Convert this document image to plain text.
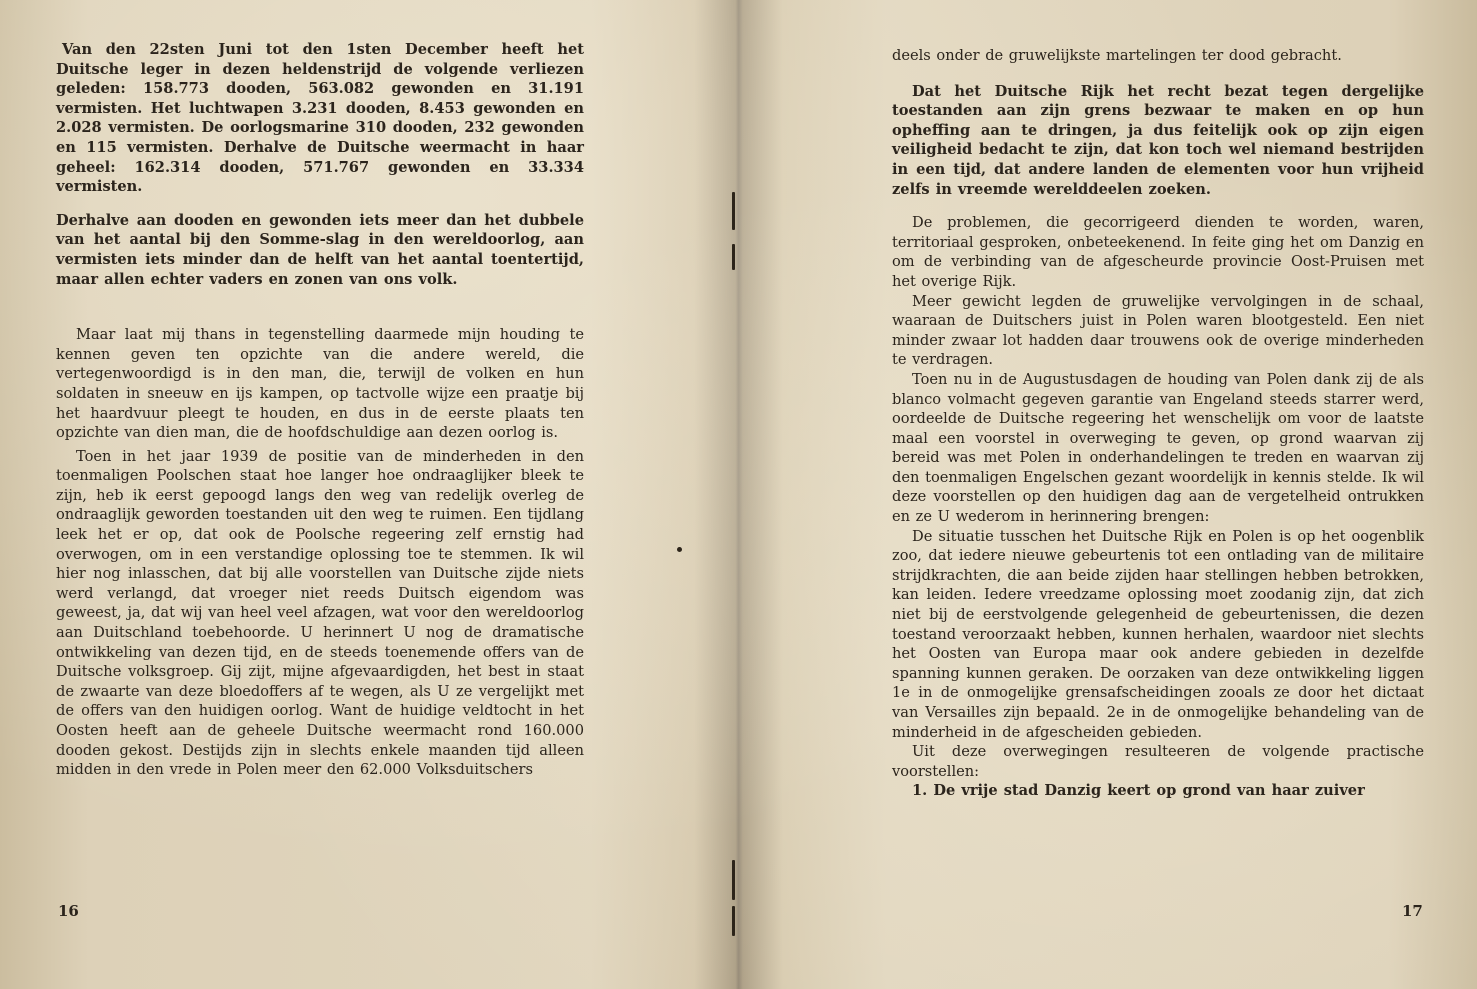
Van den 22sten Juni tot den 1sten December heeft het Duitsche leger in dezen heldenstrijd de volgende verliezen geleden: 158.773 dooden, 563.082 gewonden en 31.191 vermisten. Het luchtwapen 3.231 dooden, 8.453 gewonden en 2.028 vermisten. De oorlogsmarine 310 dooden, 232 gewonden en 115 vermisten. Derhalve de Duitsche weermacht in haar geheel: 162.314 dooden, 571.767 gewonden en 33.334 vermisten.

Derhalve aan dooden en gewonden iets meer dan het dubbele van het aantal bij den Somme-slag in den wereldoorlog, aan vermisten iets minder dan de helft van het aantal toentertijd, maar allen echter vaders en zonen van ons volk.

Maar laat mij thans in tegenstelling daarmede mijn houding te kennen geven ten opzichte van die andere wereld, die vertegenwoordigd is in den man, die, terwijl de volken en hun soldaten in sneeuw en ijs kampen, op tactvolle wijze een praatje bij het haardvuur pleegt te houden, en dus in de eerste plaats ten opzichte van dien man, die de hoofdschuldige aan dezen oorlog is.

Toen in het jaar 1939 de positie van de minderheden in den toenmaligen Poolschen staat hoe langer hoe ondraaglijker bleek te zijn, heb ik eerst gepoogd langs den weg van redelijk overleg de ondraaglijk geworden toestanden uit den weg te ruimen. Een tijdlang leek het er op, dat ook de Poolsche regeering zelf ernstig had overwogen, om in een verstandige oplossing toe te stemmen. Ik wil hier nog inlasschen, dat bij alle voorstellen van Duitsche zijde niets werd verlangd, dat vroeger niet reeds Duitsch eigendom was geweest, ja, dat wij van heel veel afzagen, wat voor den wereldoorlog aan Duitschland toebehoorde. U herinnert U nog de dramatische ontwikkeling van dezen tijd, en de steeds toenemende offers van de Duitsche volksgroep. Gij zijt, mijne afgevaardigden, het best in staat de zwaarte van deze bloedoffers af te wegen, als U ze vergelijkt met de offers van den huidigen oorlog. Want de huidige veldtocht in het Oosten heeft aan de geheele Duitsche weermacht rond 160.000 dooden gekost. Destijds zijn in slechts enkele maanden tijd alleen midden in den vrede in Polen meer den 62.000 Volksduitschers

16

deels onder de gruwelijkste martelingen ter dood gebracht.

Dat het Duitsche Rijk het recht bezat tegen dergelijke toestanden aan zijn grens bezwaar te maken en op hun opheffing aan te dringen, ja dus feitelijk ook op zijn eigen veiligheid bedacht te zijn, dat kon toch wel niemand bestrijden in een tijd, dat andere landen de elementen voor hun vrijheid zelfs in vreemde werelddeelen zoeken.

De problemen, die gecorrigeerd dienden te worden, waren, territoriaal gesproken, onbeteekenend. In feite ging het om Danzig en om de verbinding van de afgescheurde provincie Oost-Pruisen met het overige Rijk.

Meer gewicht legden de gruwelijke vervolgingen in de schaal, waaraan de Duitschers juist in Polen waren blootgesteld. Een niet minder zwaar lot hadden daar trouwens ook de overige minderheden te verdragen.

Toen nu in de Augustusdagen de houding van Polen dank zij de als blanco volmacht gegeven garantie van Engeland steeds starrer werd, oordeelde de Duitsche regeering het wenschelijk om voor de laatste maal een voorstel in overweging te geven, op grond waarvan zij bereid was met Polen in onderhandelingen te treden en waarvan zij den toenmaligen Engelschen gezant woordelijk in kennis stelde. Ik wil deze voorstellen op den huidigen dag aan de vergetelheid ontrukken en ze U wederom in herinnering brengen:

De situatie tusschen het Duitsche Rijk en Polen is op het oogenblik zoo, dat iedere nieuwe gebeurtenis tot een ontlading van de militaire strijdkrachten, die aan beide zijden haar stellingen hebben betrokken, kan leiden. Iedere vreedzame oplossing moet zoodanig zijn, dat zich niet bij de eerstvolgende gelegenheid de gebeurtenissen, die dezen toestand veroorzaakt hebben, kunnen herhalen, waardoor niet slechts het Oosten van Europa maar ook andere gebieden in dezelfde spanning kunnen geraken. De oorzaken van deze ontwikkeling liggen 1e in de onmogelijke grensafscheidingen zooals ze door het dictaat van Versailles zijn bepaald. 2e in de onmogelijke behandeling van de minderheid in de afgescheiden gebieden.

Uit deze overwegingen resulteeren de volgende practische voorstellen:

1. De vrije stad Danzig keert op grond van haar zuiver

17
